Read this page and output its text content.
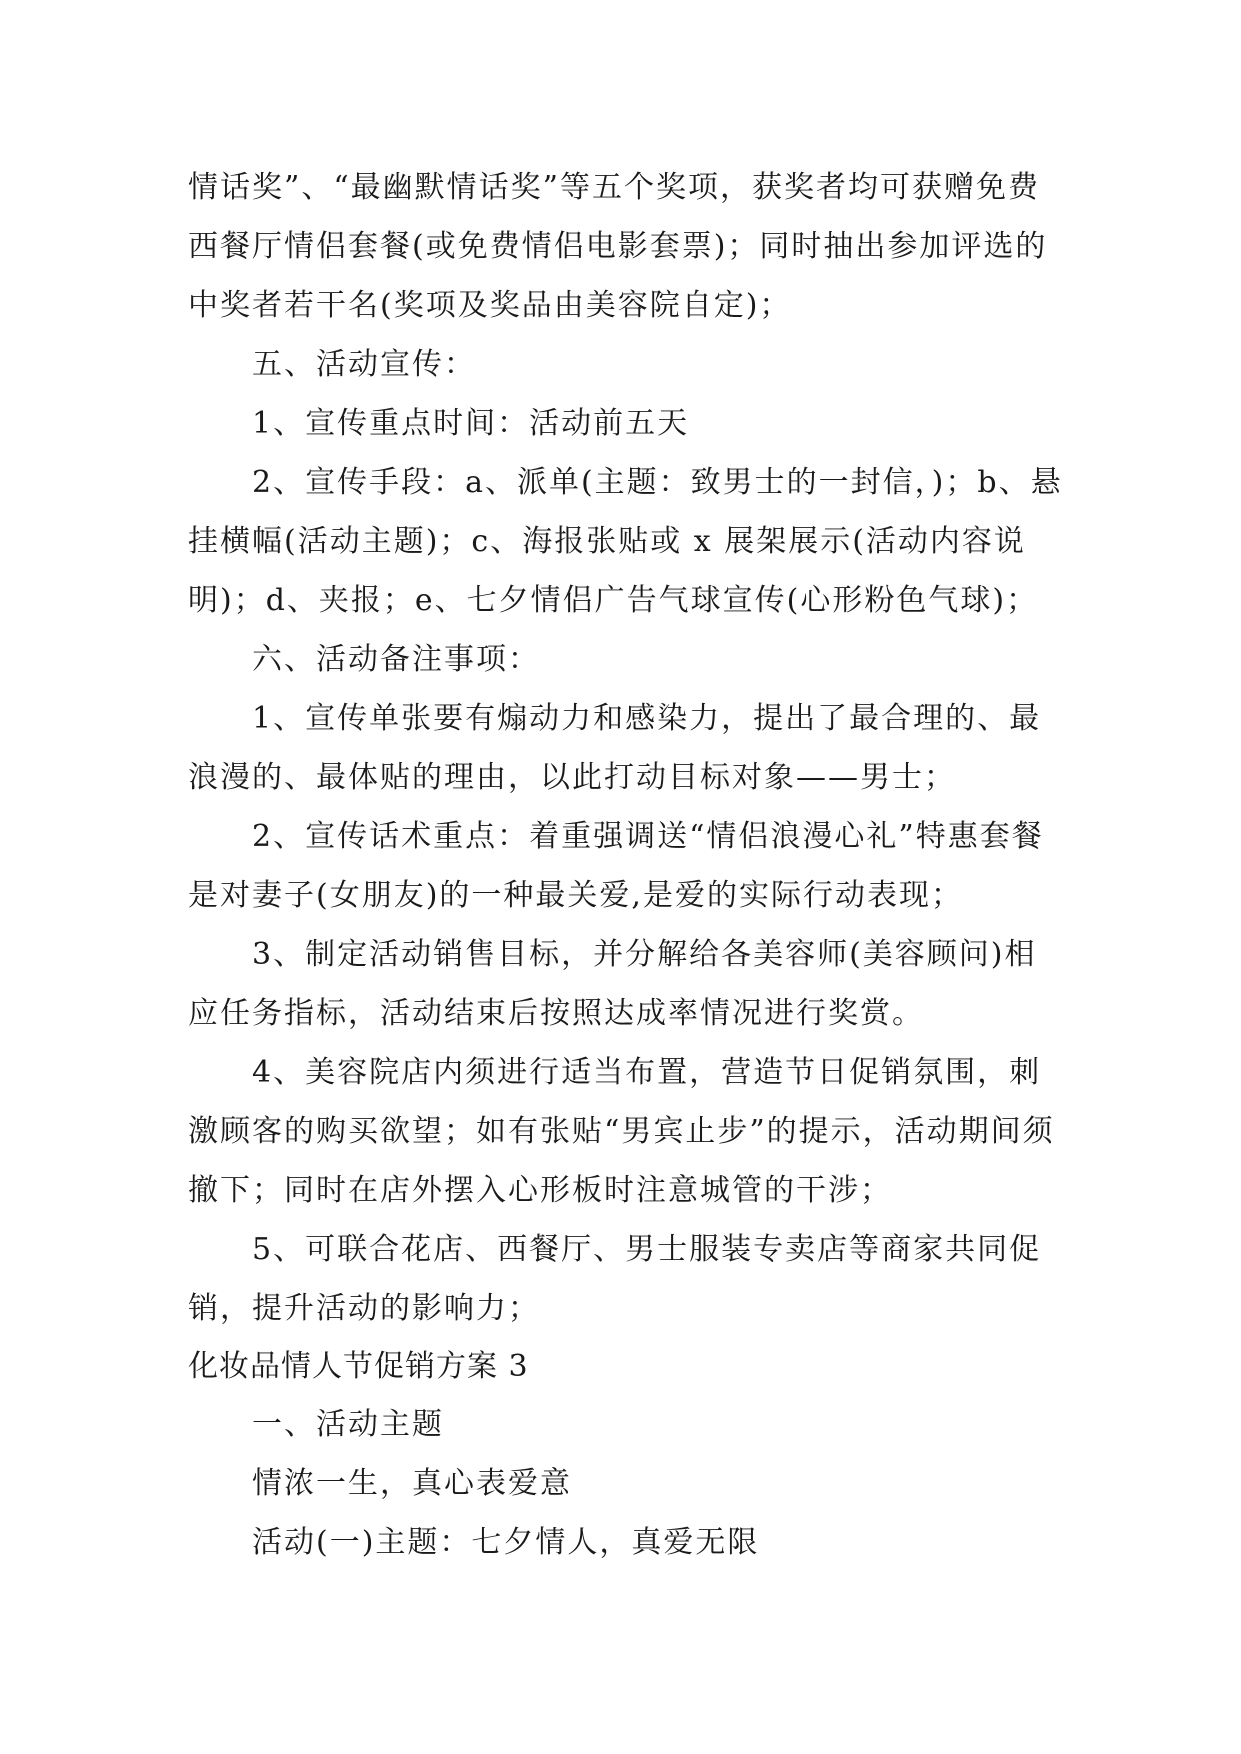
情话奖”、“最幽默情话奖”等五个奖项，获奖者均可获赠免费西餐厅情侣套餐(或免费情侣电影套票)；同时抽出参加评选的中奖者若干名(奖项及奖品由美容院自定)；

五、活动宣传：

1、宣传重点时间：活动前五天

2、宣传手段：a、派单(主题：致男士的一封信，)；b、悬挂横幅(活动主题)；c、海报张贴或 x 展架展示(活动内容说明)；d、夹报；e、七夕情侣广告气球宣传(心形粉色气球)；

六、活动备注事项：

1、宣传单张要有煽动力和感染力，提出了最合理的、最浪漫的、最体贴的理由，以此打动目标对象——男士；

2、宣传话术重点：着重强调送“情侣浪漫心礼”特惠套餐是对妻子(女朋友)的一种最关爱,是爱的实际行动表现；

3、制定活动销售目标，并分解给各美容师(美容顾问)相应任务指标，活动结束后按照达成率情况进行奖赏。

4、美容院店内须进行适当布置，营造节日促销氛围，刺激顾客的购买欲望；如有张贴“男宾止步”的提示，活动期间须撤下；同时在店外摆入心形板时注意城管的干涉；

5、可联合花店、西餐厅、男士服装专卖店等商家共同促销，提升活动的影响力；

化妆品情人节促销方案 3

一、活动主题

情浓一生，真心表爱意

活动(一)主题：七夕情人，真爱无限
